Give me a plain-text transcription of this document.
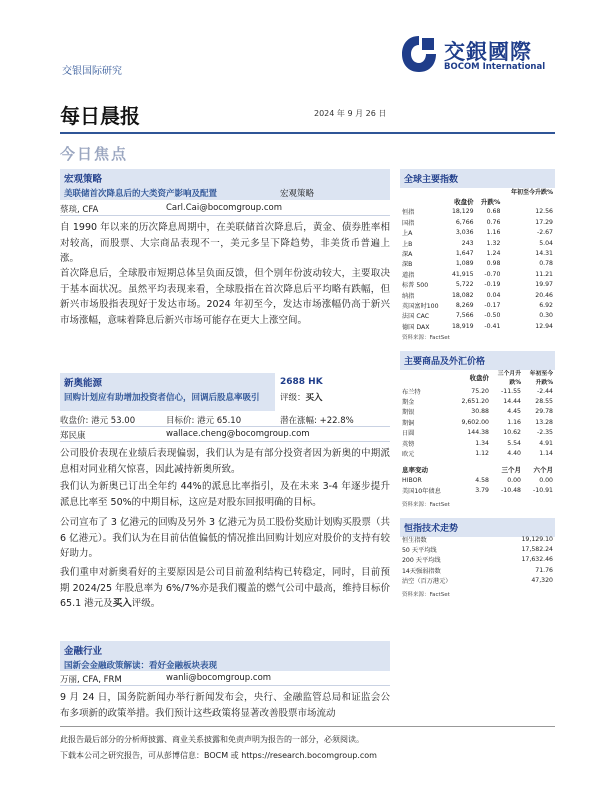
交银国际研究
交銀國際
BOCOM International
每日晨报	2024 年 9 月 26 日
今日焦点
宏观策略
美联储首次降息后的大类资产影响及配置	宏观策略
蔡琰, CFA	Carl.Cai@bocomgroup.com
自 1990 年以来的历次降息周期中，在美联储首次降息后，黄金、债券胜率相对较高，而股票、大宗商品表现不一，美元多呈下降趋势，非美货币普遍上涨。
首次降息后，全球股市短期总体呈负面反馈，但个别年份波动较大，主要取决于基本面状况。虽然平均表现来看，全球股指在首次降息后平均略有跌幅，但新兴市场股指表现好于发达市场。2024 年初至今，发达市场涨幅仍高于新兴市场涨幅，意味着降息后新兴市场可能存在更大上涨空间。
新奥能源
回购计划应有助增加投资者信心，回调后股息率吸引
2688 HK
评级：买入
收盘价: 港元 53.00	目标价: 港元 65.10	潜在涨幅: +22.8%
郑民康	wallace.cheng@bocomgroup.com
公司股价表现在业绩后表现偏弱，我们认为是有部分投资者因为新奥的中期派息相对同业稍欠惊喜，因此减持新奥所致。
我们认为新奥已订出全年约 44%的派息比率指引，及在未来 3-4 年逐步提升派息比率至 50%的中期目标，这应是对股东回报明确的目标。
公司宣布了 3 亿港元的回购及另外 3 亿港元为员工股份奖励计划购买股票（共 6 亿港元）。我们认为在目前估值偏低的情况推出回购计划应对股价的支持有较好助力。
我们重申对新奥看好的主要原因是公司目前盈利结构已转稳定，同时，目前预期 2024/25 年股息率为 6%/7%亦是我们覆盖的燃气公司中最高，维持目标价 65.1 港元及买入评级。
金融行业
国新会金融政策解读：看好金融板块表现
万丽, CFA, FRM	wanli@bocomgroup.com
9 月 24 日，国务院新闻办举行新闻发布会，央行、金融监管总局和证监会公布多项新的政策举措。我们预计这些政策将显著改善股票市场流动
全球主要指数
			年初至今升跌%
	收盘价	升跌%	
恒指	18,129	0.68	12.56
国指	6,766	0.76	17.29
上A	3,036	1.16	-2.67
上B	243	1.32	5.04
深A	1,647	1.24	14.31
深B	1,089	0.98	0.78
道指	41,915	-0.70	11.21
标普 500	5,722	-0.19	19.97
纳指	18,082	0.04	20.46
英国富时100	8,269	-0.17	6.92
法国 CAC	7,566	-0.50	0.30
德国 DAX	18,919	-0.41	12.94
资料来源：FactSet
主要商品及外汇价格
	收盘价	三个月升跌%	年初至今升跌%
布兰特	75.20	-11.55	-2.44
期金	2,651.20	14.44	28.55
期银	30.88	4.45	29.78
期铜	9,602.00	1.16	13.28
日圆	144.38	10.62	-2.35
英镑	1.34	5.54	4.91
欧元	1.12	4.40	1.14

息率变动		三个月	六个月
HIBOR	4.58	0.00	0.00
美国10年债息	3.79	-10.48	-10.91
资料来源：FactSet
恒指技术走势
恒生指数	19,129.10
50 天平均线	17,582.24
200 天平均线	17,632.46
14天强弱指数	71.76
沽空（百万港元）	47,320
资料来源：FactSet
此报告最后部分的分析师披露、商业关系披露和免责声明为报告的一部分，必须阅读。
下载本公司之研究报告，可从彭博信息：BOCM 或 https://research.bocomgroup.com
